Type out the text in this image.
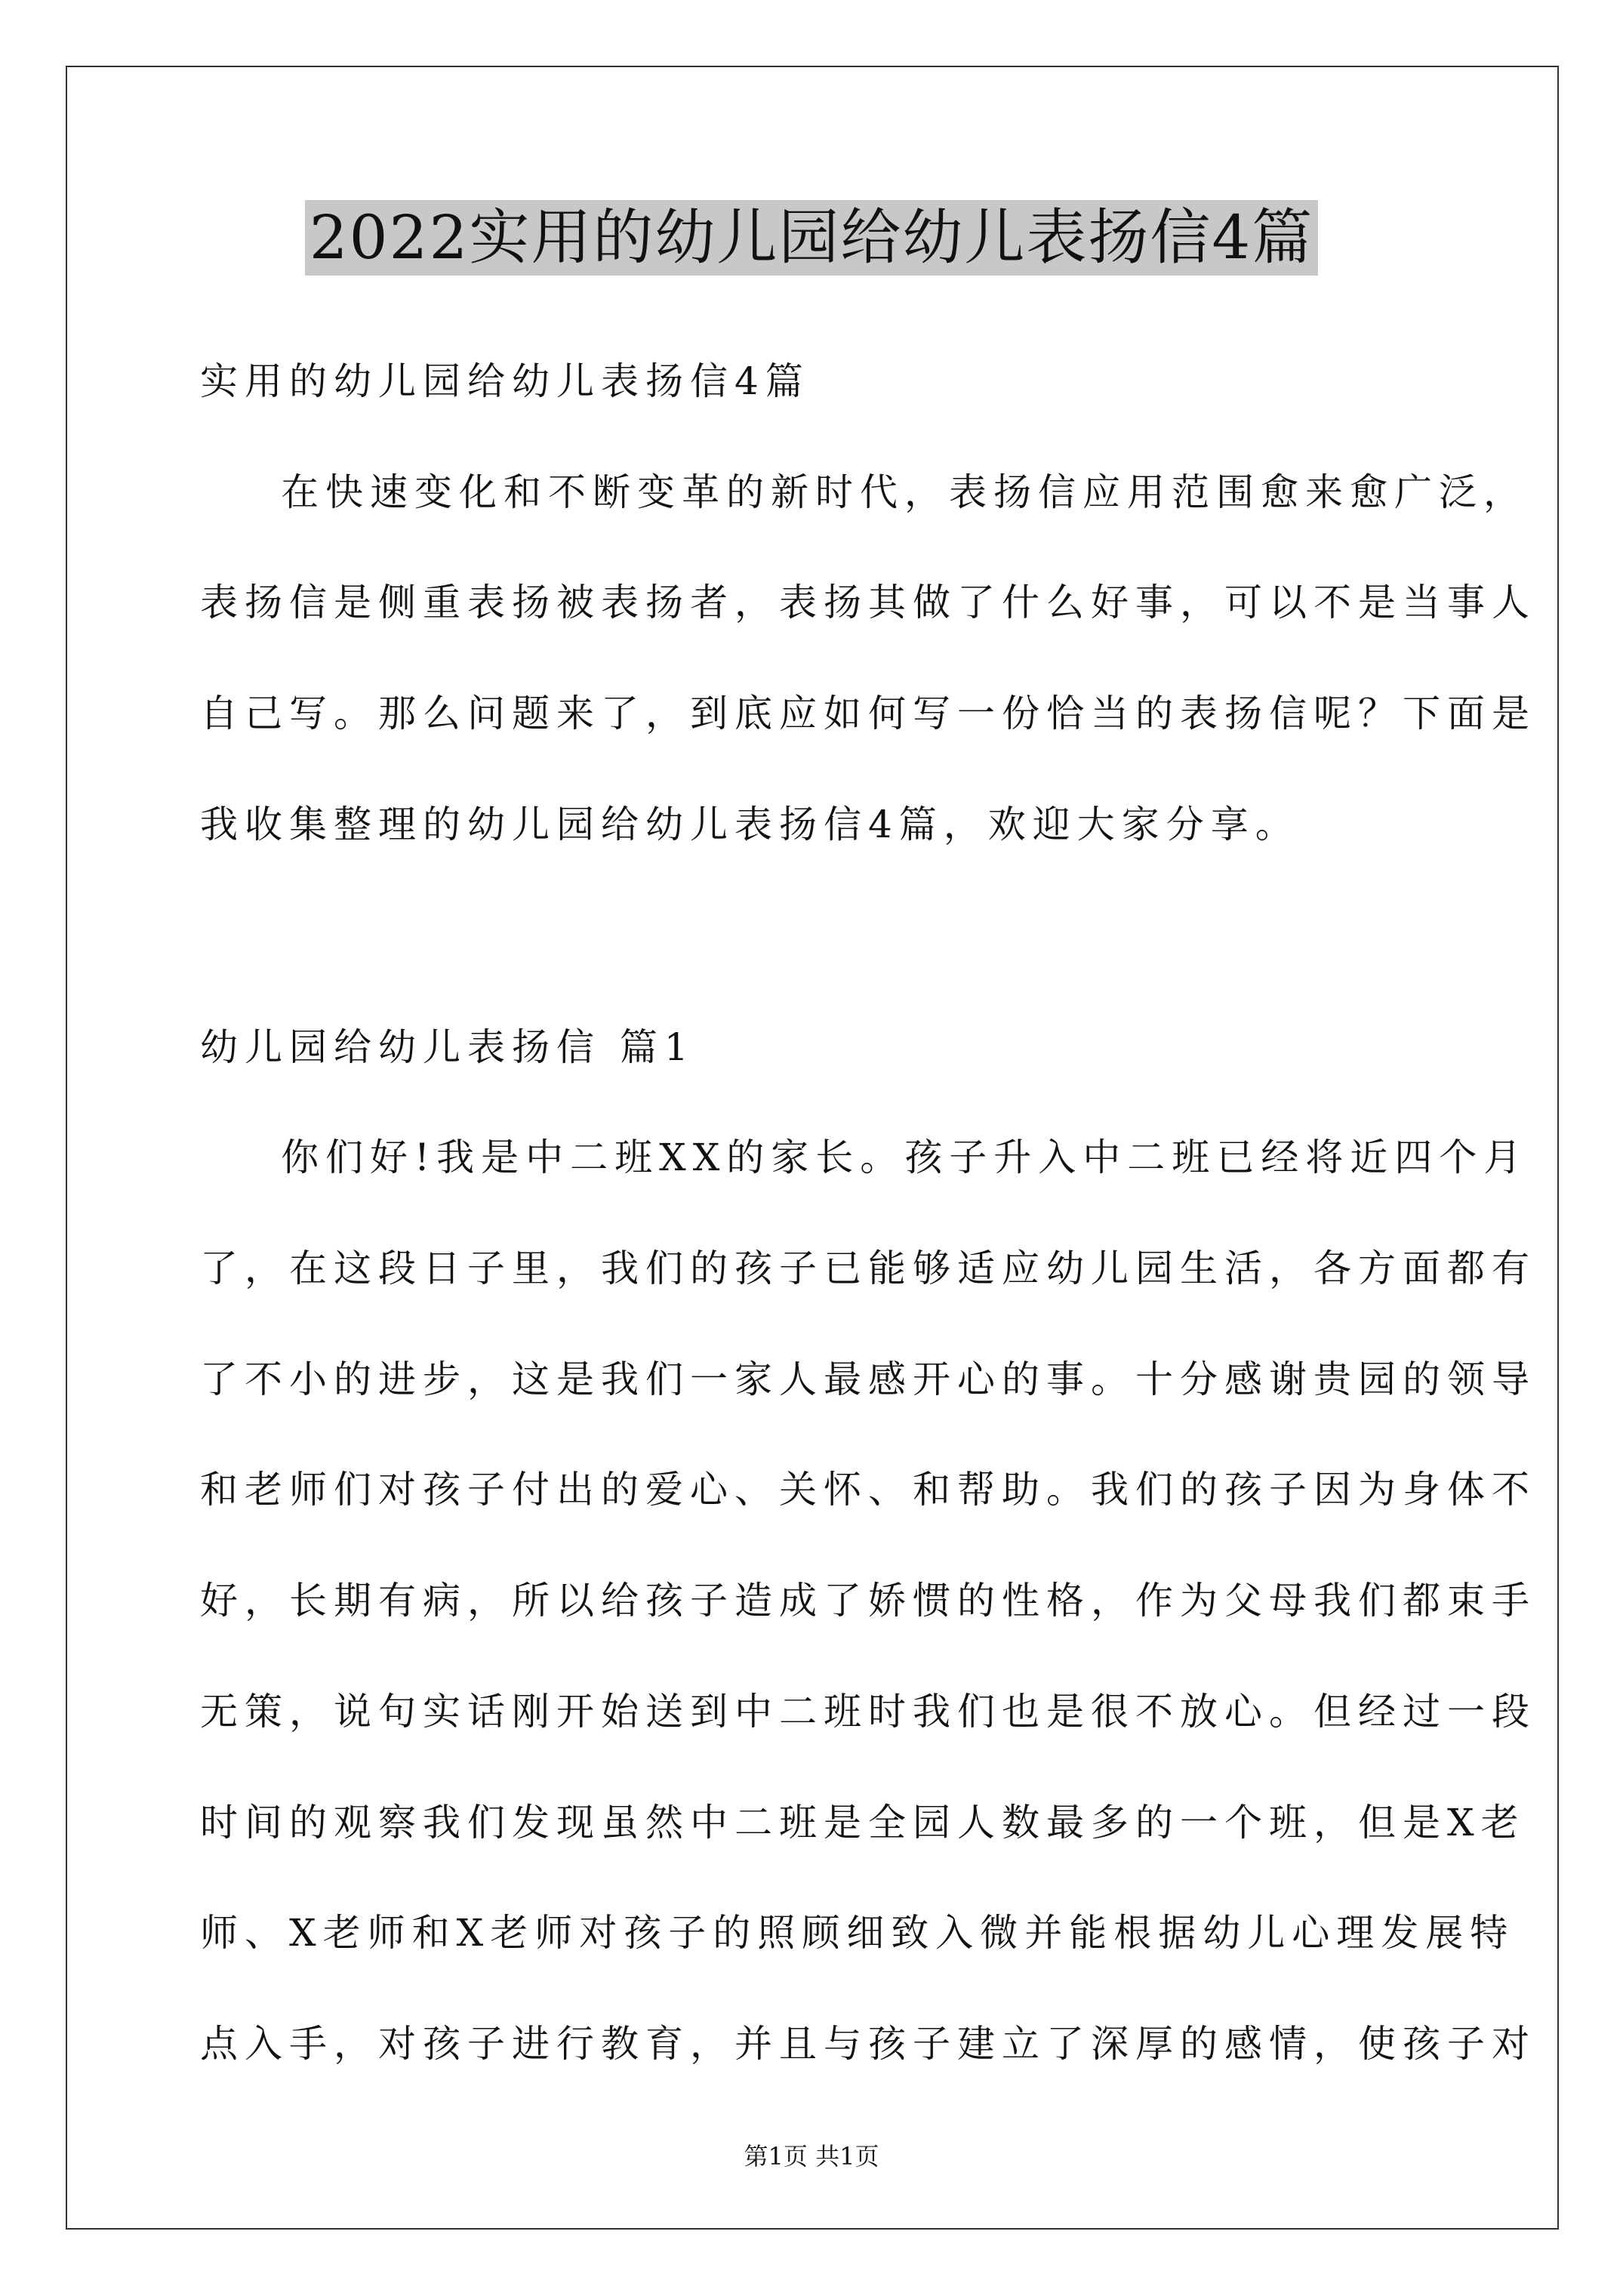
2022实用的幼儿园给幼儿表扬信4篇
实用的幼儿园给幼儿表扬信4篇
在快速变化和不断变革的新时代，表扬信应用范围愈来愈广泛，
表扬信是侧重表扬被表扬者，表扬其做了什么好事，可以不是当事人
自己写。那么问题来了，到底应如何写一份恰当的表扬信呢？下面是
我收集整理的幼儿园给幼儿表扬信4篇，欢迎大家分享。
幼儿园给幼儿表扬信 篇1
你们好!我是中二班XX的家长。孩子升入中二班已经将近四个月
了，在这段日子里，我们的孩子已能够适应幼儿园生活，各方面都有
了不小的进步，这是我们一家人最感开心的事。十分感谢贵园的领导
和老师们对孩子付出的爱心、关怀、和帮助。我们的孩子因为身体不
好，长期有病，所以给孩子造成了娇惯的性格，作为父母我们都束手
无策，说句实话刚开始送到中二班时我们也是很不放心。但经过一段
时间的观察我们发现虽然中二班是全园人数最多的一个班，但是X老
师、X老师和X老师对孩子的照顾细致入微并能根据幼儿心理发展特
点入手，对孩子进行教育，并且与孩子建立了深厚的感情，使孩子对
第1页 共1页
